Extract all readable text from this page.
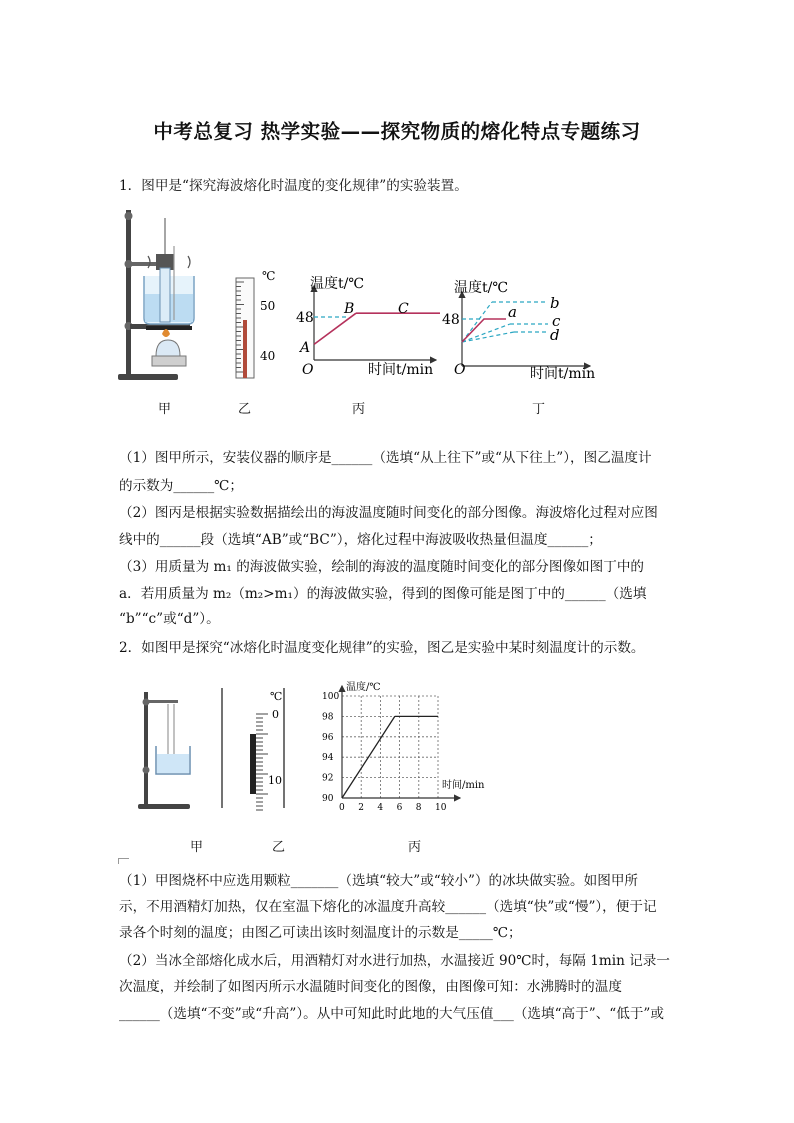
中考总复习 热学实验——探究物质的熔化特点专题练习
1．图甲是“探究海波熔化时温度的变化规律”的实验装置。
℃
50
40
温度t/℃
时间t/min
O
48
A
B	C
温度t/℃
时间t/min
O
48	a b
c
d
甲	乙	丙	丁
（1）图甲所示，安装仪器的顺序是______（选填“从上往下”或“从下往上”），图乙温度计
的示数为______℃；
（2）图丙是根据实验数据描绘出的海波温度随时间变化的部分图像。海波熔化过程对应图
线中的______段（选填“AB”或“BC”），熔化过程中海波吸收热量但温度______；
（3）用质量为 m₁ 的海波做实验，绘制的海波的温度随时间变化的部分图像如图丁中的
a．若用质量为 m₂（m₂>m₁）的海波做实验，得到的图像可能是图丁中的______（选填
“b”“c”或“d”）。
2．如图甲是探究“冰熔化时温度变化规律”的实验，图乙是实验中某时刻温度计的示数。
℃
0
10
温度/℃
时间/min
90
92
94
96
98
100
0 2 4 6 8 10
甲	乙	丙
（1）甲图烧杯中应选用颗粒_______（选填“较大”或“较小”）的冰块做实验。如图甲所
示，不用酒精灯加热，仅在室温下熔化的冰温度升高较______（选填“快”或“慢”），便于记
录各个时刻的温度；由图乙可读出该时刻温度计的示数是_____℃；
（2）当冰全部熔化成水后，用酒精灯对水进行加热，水温接近 90℃时，每隔 1min 记录一
次温度，并绘制了如图丙所示水温随时间变化的图像，由图像可知：水沸腾时的温度
______（选填“不变”或“升高”）。从中可知此时此地的大气压值___（选填“高于”、“低于”或
